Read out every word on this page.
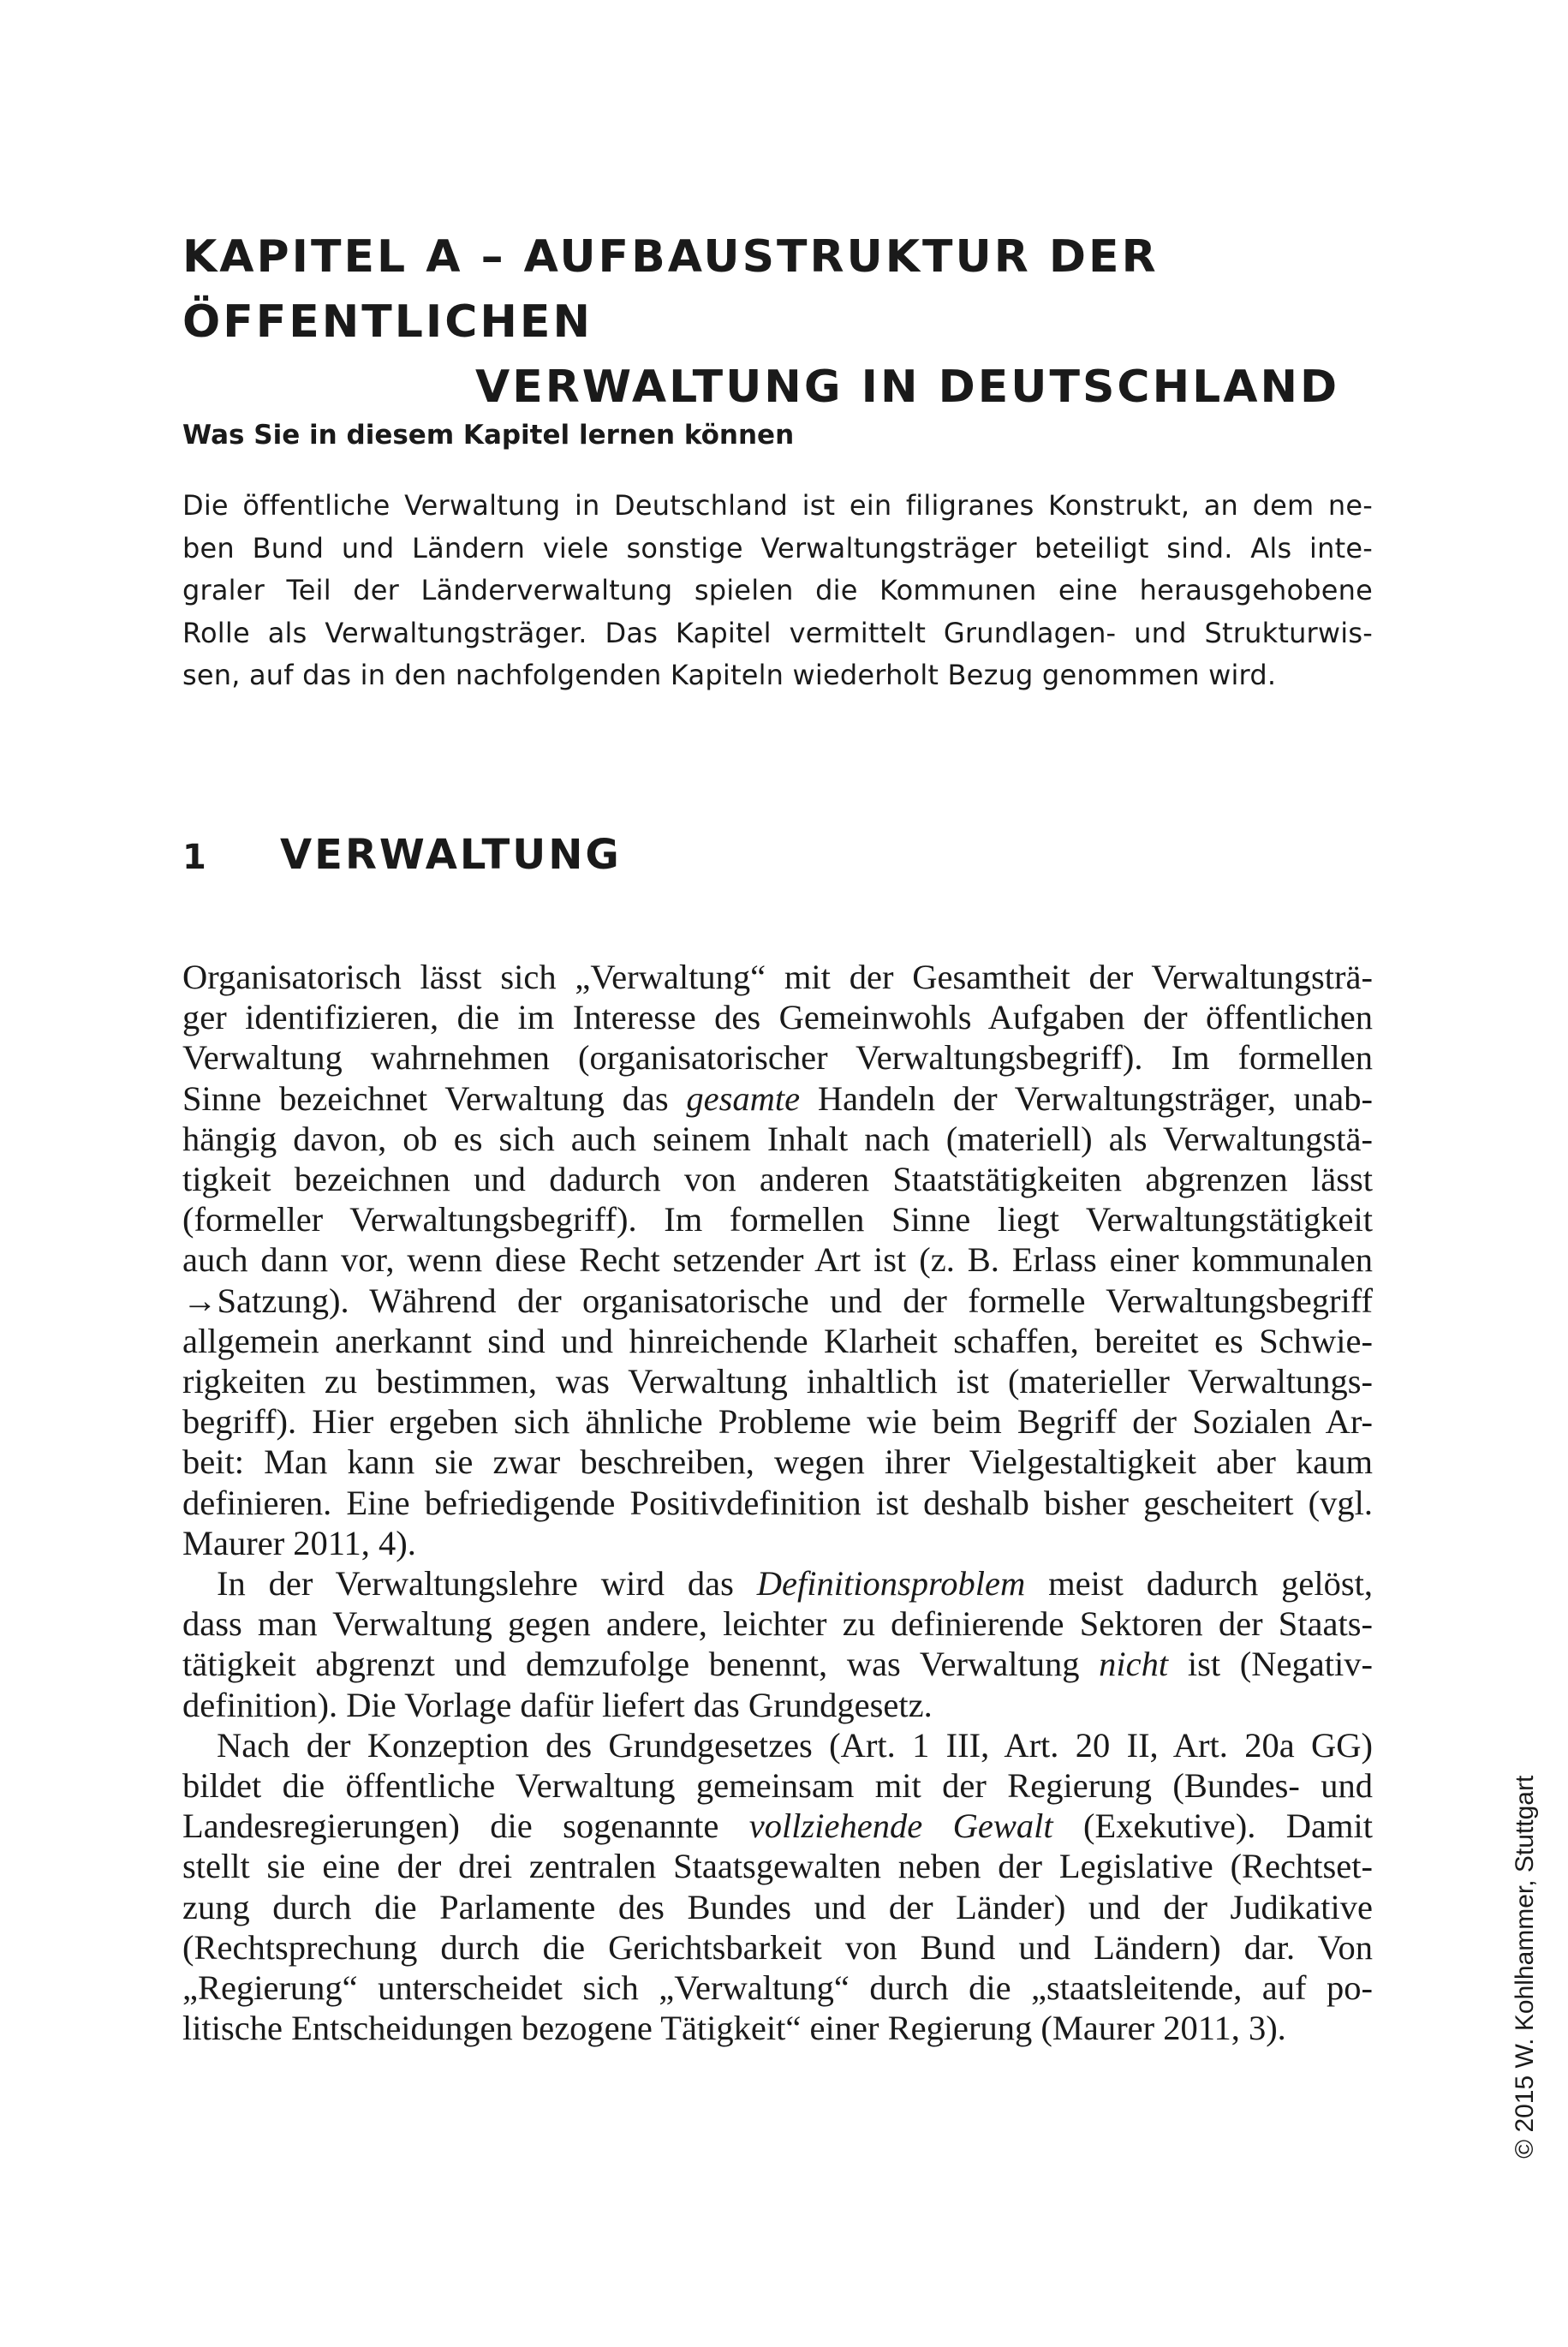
KAPITEL A – AUFBAUSTRUKTUR DER ÖFFENTLICHEN
VERWALTUNG IN DEUTSCHLAND
Was Sie in diesem Kapitel lernen können
Die öffentliche Verwaltung in Deutschland ist ein filigranes Konstrukt, an dem ne-
ben Bund und Ländern viele sonstige Verwaltungsträger beteiligt sind. Als inte-
graler Teil der Länderverwaltung spielen die Kommunen eine herausgehobene
Rolle als Verwaltungsträger. Das Kapitel vermittelt Grundlagen- und Strukturwis-
sen, auf das in den nachfolgenden Kapiteln wiederholt Bezug genommen wird.
1 VERWALTUNG
Organisatorisch lässt sich „Verwaltung“ mit der Gesamtheit der Verwaltungsträ-
ger identifizieren, die im Interesse des Gemeinwohls Aufgaben der öffentlichen
Verwaltung wahrnehmen (organisatorischer Verwaltungsbegriff). Im formellen
Sinne bezeichnet Verwaltung das gesamte Handeln der Verwaltungsträger, unab-
hängig davon, ob es sich auch seinem Inhalt nach (materiell) als Verwaltungstä-
tigkeit bezeichnen und dadurch von anderen Staatstätigkeiten abgrenzen lässt
(formeller Verwaltungsbegriff). Im formellen Sinne liegt Verwaltungstätigkeit
auch dann vor, wenn diese Recht setzender Art ist (z. B. Erlass einer kommunalen
→Satzung). Während der organisatorische und der formelle Verwaltungsbegriff
allgemein anerkannt sind und hinreichende Klarheit schaffen, bereitet es Schwie-
rigkeiten zu bestimmen, was Verwaltung inhaltlich ist (materieller Verwaltungs-
begriff). Hier ergeben sich ähnliche Probleme wie beim Begriff der Sozialen Ar-
beit: Man kann sie zwar beschreiben, wegen ihrer Vielgestaltigkeit aber kaum
definieren. Eine befriedigende Positivdefinition ist deshalb bisher gescheitert (vgl.
Maurer 2011, 4).
In der Verwaltungslehre wird das Definitionsproblem meist dadurch gelöst,
dass man Verwaltung gegen andere, leichter zu definierende Sektoren der Staats-
tätigkeit abgrenzt und demzufolge benennt, was Verwaltung nicht ist (Negativ-
definition). Die Vorlage dafür liefert das Grundgesetz.
Nach der Konzeption des Grundgesetzes (Art. 1 III, Art. 20 II, Art. 20a GG)
bildet die öffentliche Verwaltung gemeinsam mit der Regierung (Bundes- und
Landesregierungen) die sogenannte vollziehende Gewalt (Exekutive). Damit
stellt sie eine der drei zentralen Staatsgewalten neben der Legislative (Rechtset-
zung durch die Parlamente des Bundes und der Länder) und der Judikative
(Rechtsprechung durch die Gerichtsbarkeit von Bund und Ländern) dar. Von
„Regierung“ unterscheidet sich „Verwaltung“ durch die „staatsleitende, auf po-
litische Entscheidungen bezogene Tätigkeit“ einer Regierung (Maurer 2011, 3).	© 2015 W. Kohlhammer, Stuttgart
